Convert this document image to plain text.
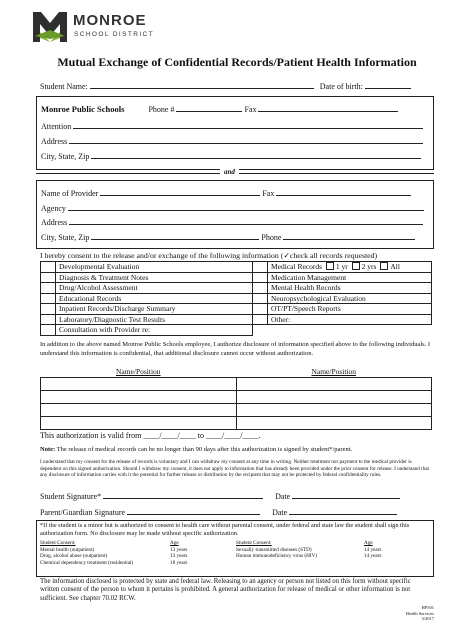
MONROE
SCHOOL DISTRICT
Mutual Exchange of Confidential Records/Patient Health Information
Student Name:	Date of birth:
Monroe Public Schools	Phone #	Fax
Attention
Address
City, State, Zip
and
Name of Provider	Fax
Agency
Address
City, State, Zip	Phone
I hereby consent to the release and/or exchange of the following information (✓check all records requested)
	Developmental Evaluation		Medical Records 1 yr 2 yrs All
	Diagnosis & Treatment Notes		Medication Management
	Drug/Alcohol Assessment		Mental Health Records
	Educational Records		Neuropsychological Evaluation
	Inpatient Records/Discharge Summary		OT/PT/Speech Reports
	Laboratory/Diagnostic Test Results		Other:
	Consultation with Provider re:		
In addition to the above named Monroe Public Schools employee, I authorize disclosure of information specified above to the following individuals. I understand this information is confidential, that additional disclosure cannot occur without authorization.
Name/Position	Name/Position

This authorization is valid from ____/____/____ to ____/____/____.
Note: The release of medical records can be no longer than 90 days after this authorization is signed by student*/parent.
I understand that my consent for the release of records is voluntary and I can withdraw my consent at any time in writing. Neither treatment nor payment to the medical provider is dependent on this signed authorization. Should I withdraw my consent, it does not apply to information that has already been provided under the prior consent for release. I understand that any disclosure of information carries with it the potential for further release or distribution by the recipient that may not be protected by federal confidentiality rules.
Student Signature*	Date
Parent/Guardian Signature	Date
*If the student is a minor but is authorized to consent to health care without parental consent, under federal and state law the student shall sign this authorization form. No disclosure may be made without specific authorization.
Student Consent:	Age
Mental health (outpatient)	13 years
Drug, alcohol abuse (outpatient)	13 years
Chemical dependency treatment (residential)	18 years
Student Consent:	Age
Sexually transmitted diseases (STD)	14 years
Human immunodeficiency virus (HIV)	14 years
The information disclosed is protected by state and federal law. Releasing to an agency or person not listed on this form without specific written consent of the person to whom it pertains is prohibited. A general authorization for release of medical or other information is not sufficient. See chapter 70.02 RCW.
HP501
Health Services
3/2017
